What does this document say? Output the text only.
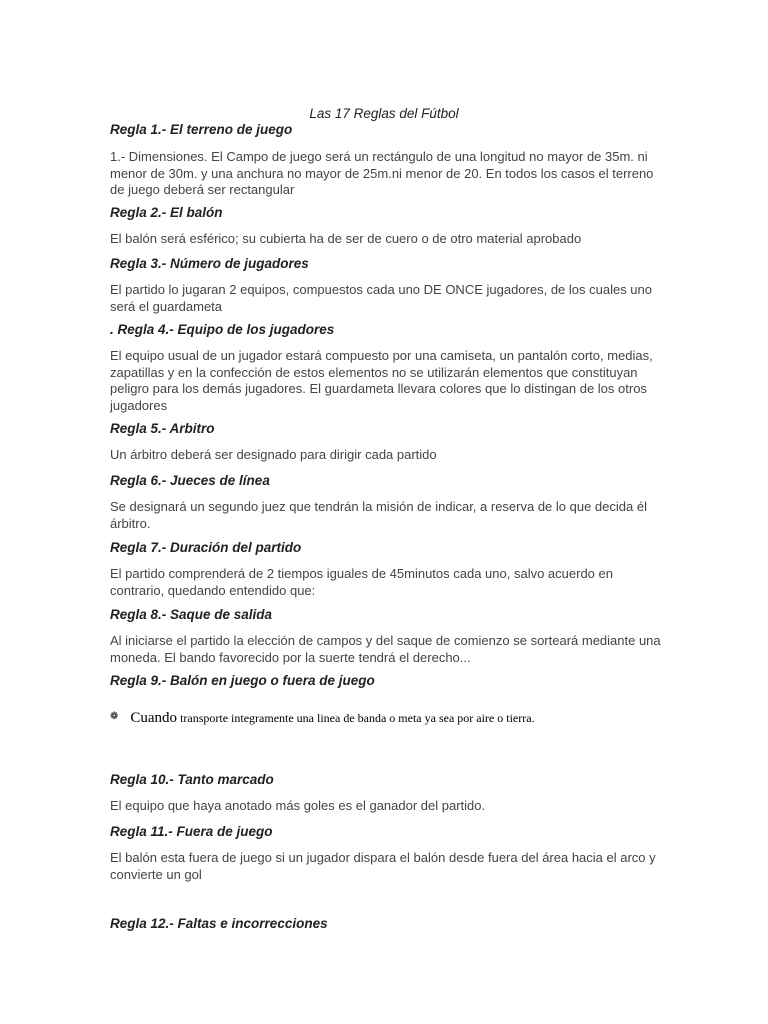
Las 17 Reglas del Fútbol

Regla 1.- El terreno de juego

1.- Dimensiones. El Campo de juego será un rectángulo de una longitud no mayor de 35m. ni menor de 30m. y una anchura no mayor de 25m.ni menor de 20. En todos los casos el terreno de juego deberá ser rectangular

Regla 2.- El balón

El balón será esférico; su cubierta ha de ser de cuero o de otro material aprobado

Regla 3.- Número de jugadores

El partido lo jugaran 2 equipos, compuestos cada uno DE ONCE jugadores, de los cuales uno será el guardameta

. Regla 4.- Equipo de los jugadores

El equipo usual de un jugador estará compuesto por una camiseta, un pantalón corto, medias, zapatillas y en la confección de estos elementos no se utilizarán elementos que constituyan peligro para los demás jugadores. El guardameta llevara colores que lo distingan de los otros jugadores

Regla 5.- Arbitro

Un árbitro deberá ser designado para dirigir cada partido

Regla 6.- Jueces de línea

Se designará un segundo juez que tendrán la misión de indicar, a reserva de lo que decida él árbitro.

Regla 7.- Duración del partido

El partido comprenderá de 2 tiempos iguales de 45minutos cada uno, salvo acuerdo en contrario, quedando entendido que:

Regla 8.- Saque de salida

Al iniciarse el partido la elección de campos y del saque de comienzo se sorteará mediante una moneda. El bando favorecido por la suerte tendrá el derecho...

Regla 9.- Balón en juego o fuera de juego

❁ Cuando transporte integramente una linea de banda o meta ya sea por aire o tierra.

Regla 10.- Tanto marcado

El equipo que haya anotado más goles es el ganador del partido.

Regla 11.- Fuera de juego

El balón esta fuera de juego si un jugador dispara el balón desde fuera del área hacia el arco y convierte un gol

Regla 12.- Faltas e incorrecciones
